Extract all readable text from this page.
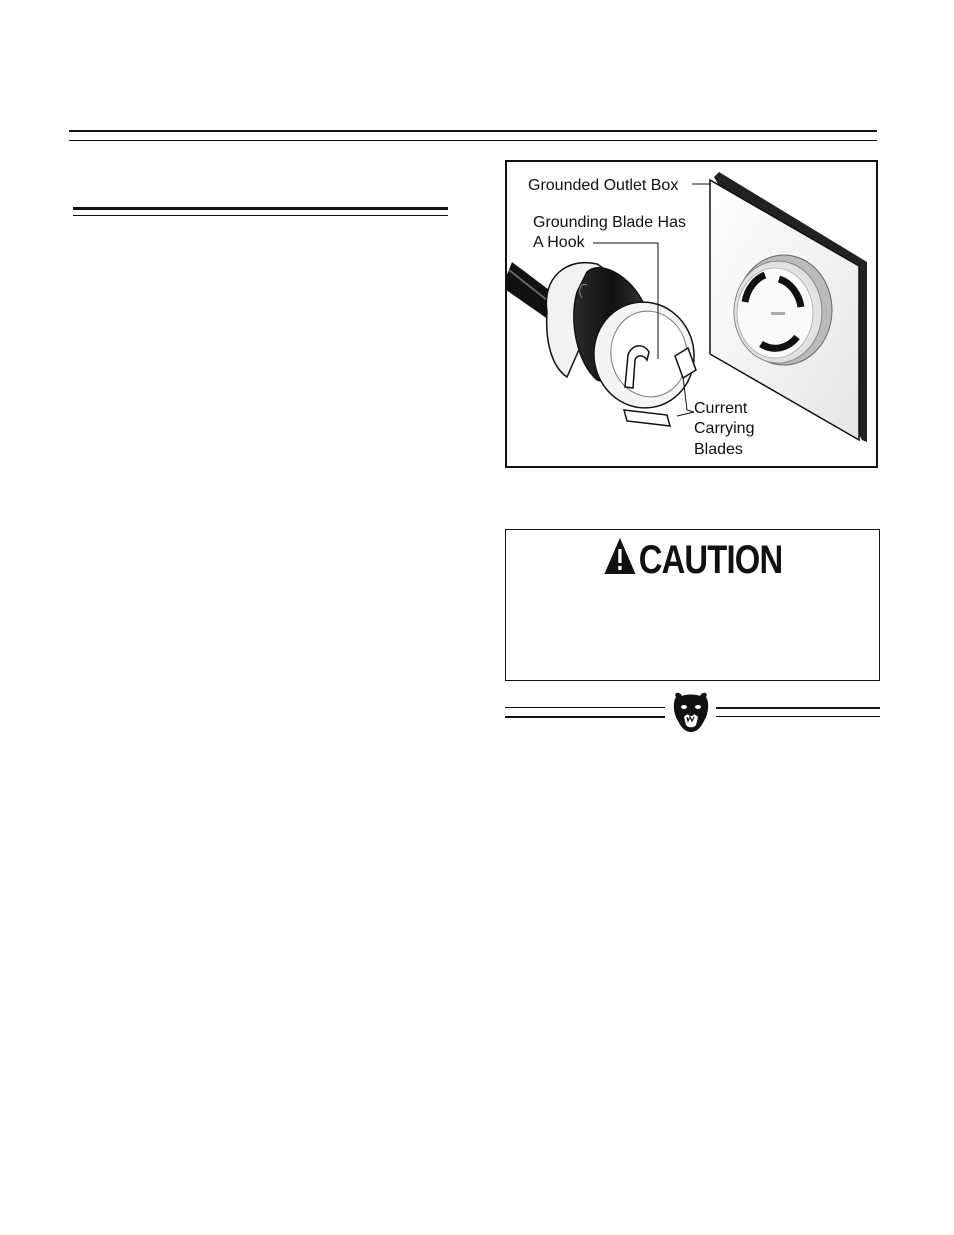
Grounded Outlet Box
Grounding Blade Has
A Hook
Current
Carrying
Blades
CAUTION
